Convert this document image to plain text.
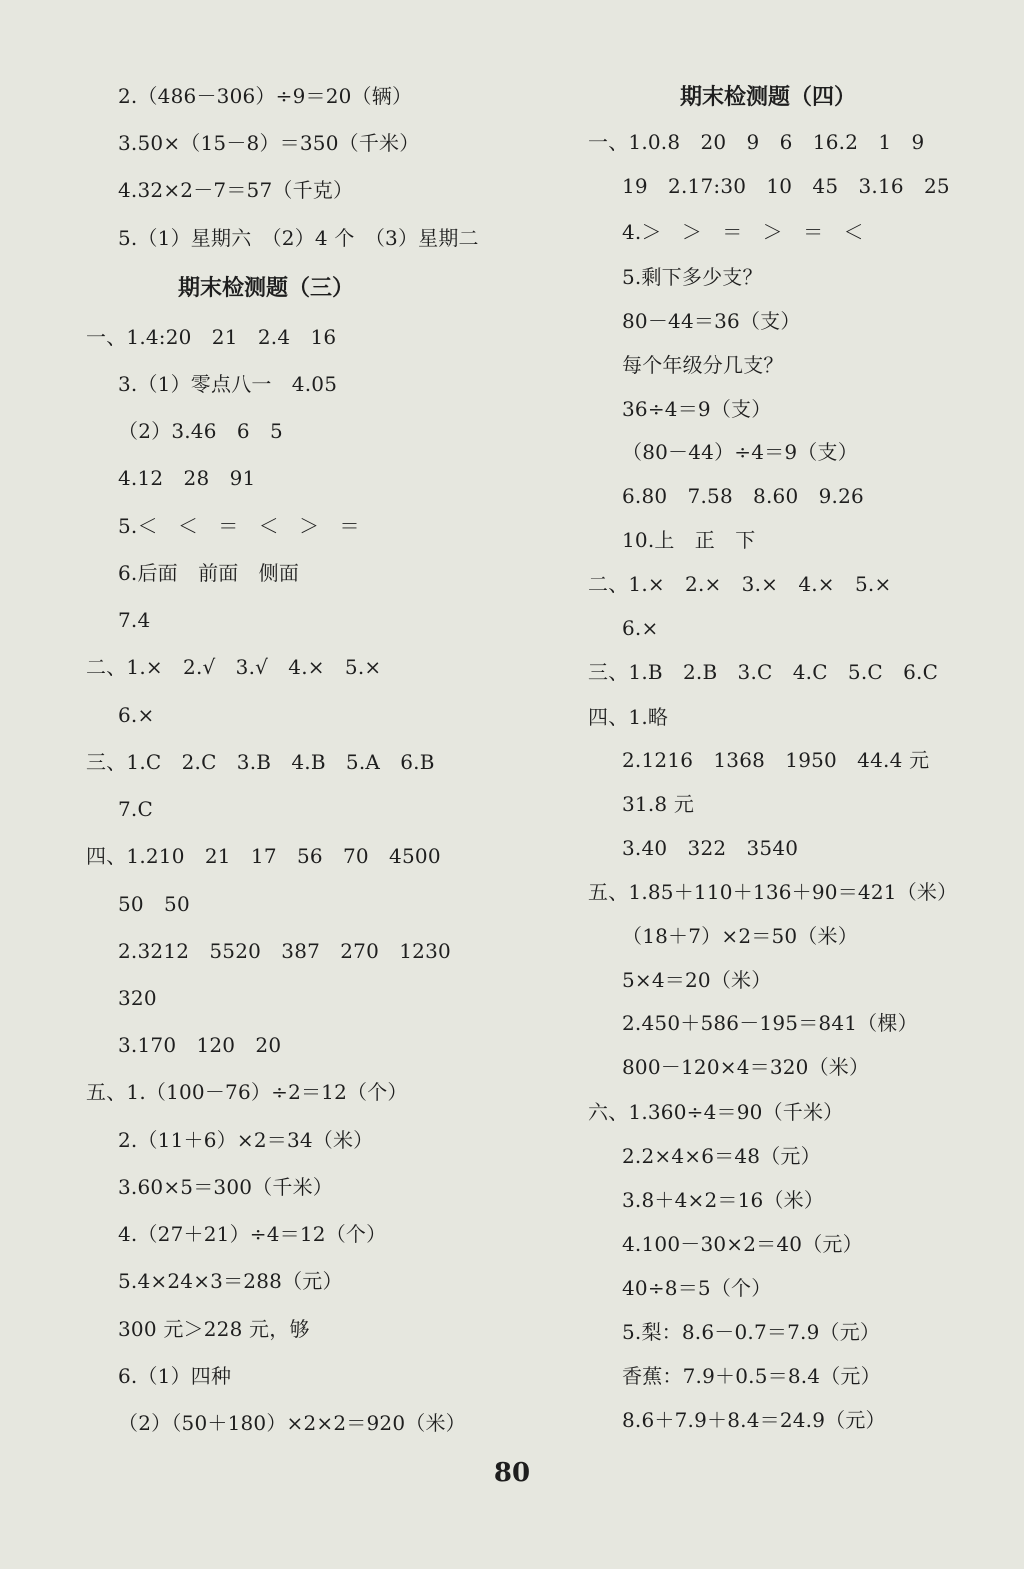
2.（486－306）÷9＝20（辆）
3.50×（15－8）＝350（千米）
4.32×2－7＝57（千克）
5.（1）星期六　（2）4 个　（3）星期二
期末检测题（三）
一、1.4:20　21　2.4　16
3.（1）零点八一　4.05
（2）3.46　6　5
4.12　28　91
5.＜　＜　＝　＜　＞　＝
6.后面　前面　侧面
7.4
二、1.×　2.√　3.√　4.×　5.×
6.×
三、1.C　2.C　3.B　4.B　5.A　6.B
7.C
四、1.210　21　17　56　70　4500
50　50
2.3212　5520　387　270　1230
320
3.170　120　20
五、1.（100－76）÷2＝12（个）
2.（11＋6）×2＝34（米）
3.60×5＝300（千米）
4.（27＋21）÷4＝12（个）
5.4×24×3＝288（元）
300 元＞228 元，够
6.（1）四种
（2）（50＋180）×2×2＝920（米）
期末检测题（四）
一、1.0.8　20　9　6　16.2　1　9
19　2.17:30　10　45　3.16　25
4.＞　＞　＝　＞　＝　＜
5.剩下多少支？
80－44＝36（支）
每个年级分几支？
36÷4＝9（支）
（80－44）÷4＝9（支）
6.80　7.58　8.60　9.26
10.上　正　下
二、1.×　2.×　3.×　4.×　5.×
6.×
三、1.B　2.B　3.C　4.C　5.C　6.C
四、1.略
2.1216　1368　1950　44.4 元
31.8 元
3.40　322　3540
五、1.85＋110＋136＋90＝421（米）
（18＋7）×2＝50（米）
5×4＝20（米）
2.450＋586－195＝841（棵）
800－120×4＝320（米）
六、1.360÷4＝90（千米）
2.2×4×6＝48（元）
3.8＋4×2＝16（米）
4.100－30×2＝40（元）
40÷8＝5（个）
5.梨：8.6－0.7＝7.9（元）
香蕉：7.9＋0.5＝8.4（元）
8.6＋7.9＋8.4＝24.9（元）
80
